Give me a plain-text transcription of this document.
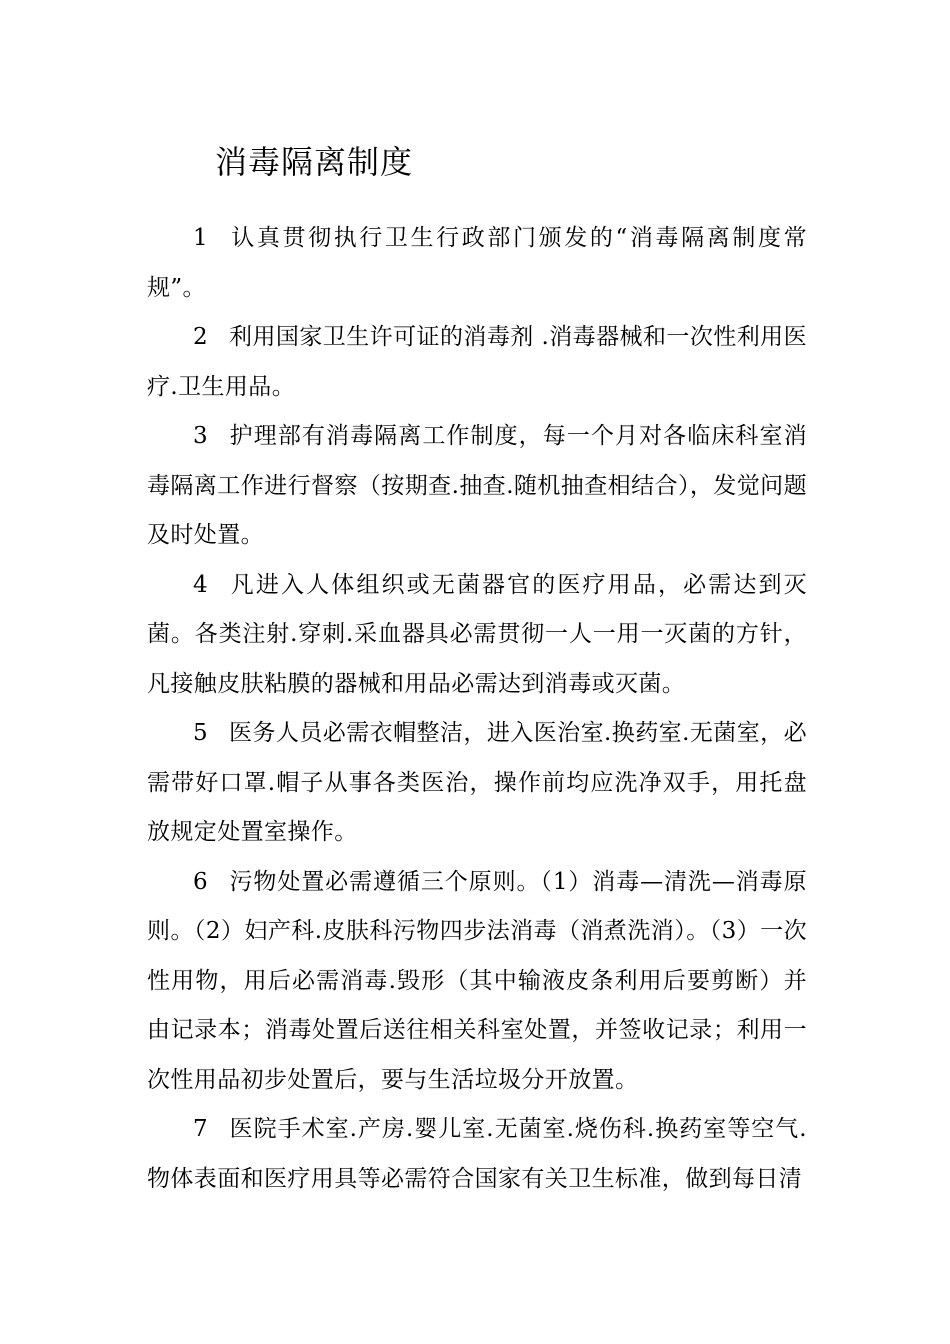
消毒隔离制度

1 认真贯彻执行卫生行政部门颁发的“消毒隔离制度常规”。

2 利用国家卫生许可证的消毒剂 .消毒器械和一次性利用医疗.卫生用品。

3 护理部有消毒隔离工作制度，每一个月对各临床科室消毒隔离工作进行督察（按期查.抽查.随机抽查相结合），发觉问题及时处置。

4 凡进入人体组织或无菌器官的医疗用品，必需达到灭菌。各类注射.穿刺.采血器具必需贯彻一人一用一灭菌的方针，凡接触皮肤粘膜的器械和用品必需达到消毒或灭菌。

5 医务人员必需衣帽整洁，进入医治室.换药室.无菌室，必需带好口罩.帽子从事各类医治，操作前均应洗净双手，用托盘放规定处置室操作。

6 污物处置必需遵循三个原则。（1）消毒—清洗—消毒原则。（2）妇产科.皮肤科污物四步法消毒（消煮洗消）。（3）一次性用物，用后必需消毒.毁形（其中输液皮条利用后要剪断）并由记录本；消毒处置后送往相关科室处置，并签收记录；利用一次性用品初步处置后，要与生活垃圾分开放置。

7 医院手术室.产房.婴儿室.无菌室.烧伤科.换药室等空气.物体表面和医疗用具等必需符合国家有关卫生标准，做到每日清
